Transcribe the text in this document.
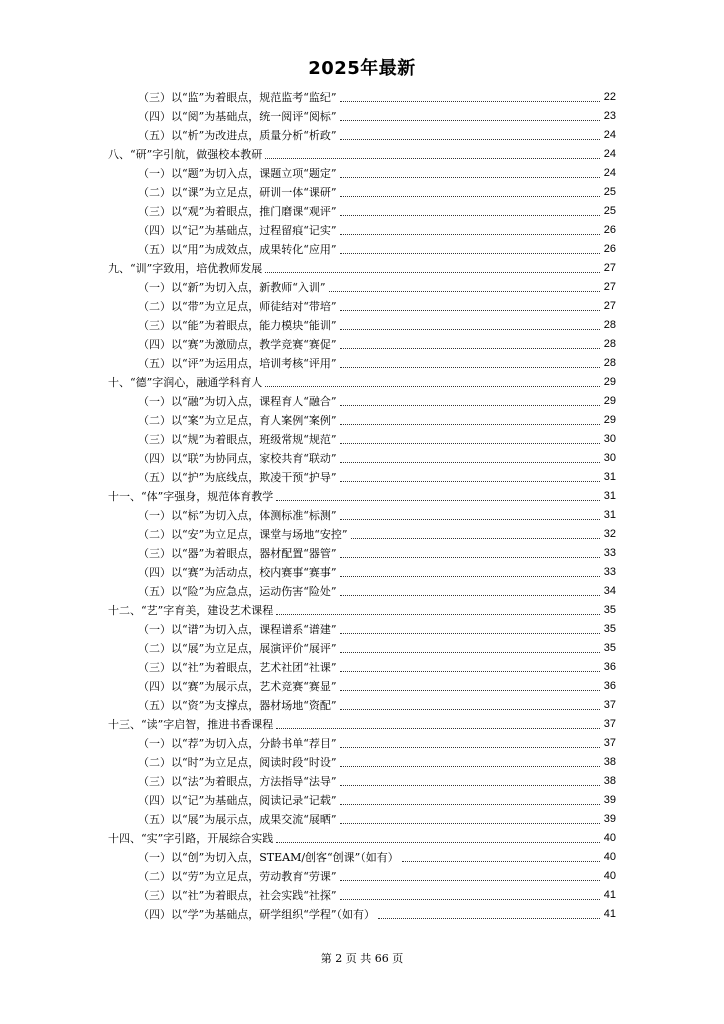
2025年最新
（三）以“监”为着眼点，规范监考“监纪”	22
（四）以“阅”为基础点，统一阅评“阅标”	23
（五）以“析”为改进点，质量分析“析政”	24
八、“研”字引航，做强校本教研	24
（一）以“题”为切入点，课题立项“题定”	24
（二）以“课”为立足点，研训一体“课研”	25
（三）以“观”为着眼点，推门磨课“观评”	25
（四）以“记”为基础点，过程留痕“记实”	26
（五）以“用”为成效点，成果转化“应用”	26
九、“训”字致用，培优教师发展	27
（一）以“新”为切入点，新教师“入训”	27
（二）以“带”为立足点，师徒结对“带培”	27
（三）以“能”为着眼点，能力模块“能训”	28
（四）以“赛”为激励点，教学竞赛“赛促”	28
（五）以“评”为运用点，培训考核“评用”	28
十、“德”字润心，融通学科育人	29
（一）以“融”为切入点，课程育人“融合”	29
（二）以“案”为立足点，育人案例“案例”	29
（三）以“规”为着眼点，班级常规“规范”	30
（四）以“联”为协同点，家校共育“联动”	30
（五）以“护”为底线点，欺凌干预“护导”	31
十一、“体”字强身，规范体育教学	31
（一）以“标”为切入点，体测标准“标测”	31
（二）以“安”为立足点，课堂与场地“安控”	32
（三）以“器”为着眼点，器材配置“器管”	33
（四）以“赛”为活动点，校内赛事“赛事”	33
（五）以“险”为应急点，运动伤害“险处”	34
十二、“艺”字育美，建设艺术课程	35
（一）以“谱”为切入点，课程谱系“谱建”	35
（二）以“展”为立足点，展演评价“展评”	35
（三）以“社”为着眼点，艺术社团“社课”	36
（四）以“赛”为展示点，艺术竞赛“赛显”	36
（五）以“资”为支撑点，器材场地“资配”	37
十三、“读”字启智，推进书香课程	37
（一）以“荐”为切入点，分龄书单“荐目”	37
（二）以“时”为立足点，阅读时段“时设”	38
（三）以“法”为着眼点，方法指导“法导”	38
（四）以“记”为基础点，阅读记录“记载”	39
（五）以“展”为展示点，成果交流“展晒”	39
十四、“实”字引路，开展综合实践	40
（一）以“创”为切入点，STEAM/创客“创课”（如有）	40
（二）以“劳”为立足点，劳动教育“劳课”	40
（三）以“社”为着眼点，社会实践“社探”	41
（四）以“学”为基础点，研学组织“学程”（如有）	41
第 2 页 共 66 页
